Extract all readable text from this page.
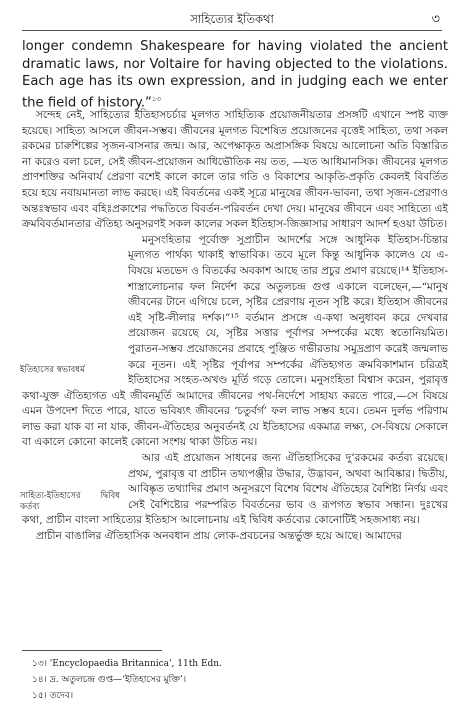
সাহিত্যের ইতিকথা	৩
longer condemn Shakespeare for having violated the ancient dramatic laws, nor Voltaire for having objected to the violations. Each age has its own expression, and in judging each we enter the field of history.”$^{১৩}$

সন্দেহ নেই, সাহিত্যের ইতিহাসচর্চার মূলগত সাহিত্যিক প্রয়োজনীয়তার প্রসঙ্গটি এখানে স্পষ্ট ব্যক্ত হয়েছে। সাহিত্য আসলে জীবন-সম্ভব। জীবনের মূলগত বিশেষিত প্রয়োজনের বৃত্তেই সাহিত্য, তথা সকল রকমের চারুশিল্পের সৃজন-বাসনার জন্ম। আর, অপেক্ষাকৃত অপ্রাসঙ্গিক বিষয়ে আলোচনা অতি বিস্তারিত না করেও বলা চলে, সেই জীবন-প্রয়োজন আধিভৌতিক নয় তত, —যত আধিমানসিক। জীবনের মূলগত প্রাণশক্তির অনিবার্য প্রেরণা বশেই কালে কালে তার গতি ও বিকাশের আকৃতি-প্রকৃতি কেবলই বিবর্তিত হয়ে হয়ে নবায়মানতা লাভ করছে। এই বিবর্তনের একই সূত্রে মানুষের জীবন-ভাবনা, তথা সৃজন-প্রেরণাও অন্তঃস্বভাব এবং বহিঃপ্রকাশের পদ্ধতিতে বিবর্তন-পরিবর্তন দেখা দেয়। মানুষের জীবনে এবং সাহিত্যে এই ক্রমবিবর্তমানতার ঐতিহ্য অনুসরণই সকল কালের সকল ইতিহাস-জিজ্ঞাসার সাধারণ আদর্শ হওয়া উচিত।

ইতিহাসের স্বভাবধর্ম

মনুসংহিতার পূর্বোক্ত সুপ্রাচীন আদর্শের সঙ্গে আধুনিক ইতিহাস-চিন্তার মূল্যগত পার্থক্য থাকাই স্বাভাবিক। তবে মূলে কিন্তু আধুনিক কালেও যে এ-বিষয়ে মতভেদ ও বিতর্কের অবকাশ আছে তার প্রচুর প্রমাণ রয়েছে।¹⁴ ইতিহাস-শাস্ত্রালোচনার ফল নির্দেশ করে অতুলচন্দ্র গুপ্ত একালে বলেছেন,—“মানুষ জীবনের টানে এগিয়ে চলে, সৃষ্টির প্রেরণায় নূতন সৃষ্টি করে। ইতিহাস জীবনের এই সৃষ্টি-লীলার দর্শক।”¹⁵ বর্তমান প্রসঙ্গে এ-কথা অনুধাবন করে দেখবার প্রয়োজন রয়েছে যে, সৃষ্টির সত্তার পূর্বাপর সম্পর্কের মধ্যে স্বতোনিয়মিত। পুরাতন-সম্ভব প্রয়োজনের প্রবাহে পুঞ্জিত গভীরতায় সমুদ্রপ্রাণ করেই জন্মলাভ করে নূতন। এই সৃষ্টির পূর্বাপর সম্পর্কের ঐতিহ্যগত ক্রমবিকাশমান চরিত্রই ইতিহাসের সংহত-অখণ্ড মূর্তি গড়ে তোলে। মনুসংহিতা বিশ্বাস করেন, পুরাবৃত্ত কথা-যুক্ত ঐতিহ্যগত এই জীবনমূর্তি আমাদের জীবনের পথ-নির্দেশে সাহায্য করতে পারে,—সে বিষয়ে এমন উপদেশ দিতে পারে, যাতে ভবিষ্যৎ জীবনের ‘চতুর্বর্গ’ ফল লাভ সম্ভব হবে। তেমন দুর্লভ পরিণাম লাভ করা যাক বা না যাক, জীবন-ঐতিহ্যের অনুবর্তনই যে ইতিহাসের একমাত্র লক্ষ্য, সে-বিষয়ে সেকালে বা একালে কোনো কালেই কোনো সংশয় থাকা উচিত নয়।

সাহিত্য-ইতিহাসের দ্বিবিধ কর্তব্য

আর এই প্রয়োজন সাধনের জন্য ঐতিহাসিকের দু’রকমের কর্তব্য রয়েছে। প্রথম, পুরাবৃত্ত বা প্রাচীন তথ্যপঞ্জীর উদ্ধার, উদ্ভাবন, অথবা আবিষ্কার। দ্বিতীয়, আবিষ্কৃত তথ্যাদির প্রমাণ অনুসরণে বিশেষ বিশেষ ঐতিহ্যের বৈশিষ্ট্য নির্ণয় এবং সেই বৈশিষ্ট্যের পরম্পরিত বিবর্তনের ভাব ও রূপগত স্বভাব সন্ধান। দুঃখের কথা, প্রাচীন বাংলা সাহিত্যের ইতিহাস আলোচনায় এই দ্বিবিধ কর্তব্যের কোনোটিই সহজসাধ্য নয়।

প্রাচীন বাঙালির ঐতিহাসিক অনবধান প্রায় লোক-প্রবচনের অন্তর্ভুক্ত হয়ে আছে। আমাদের

১৩। 'Encyclopaedia Britannica', 11th Edn.
১৪। দ্র. অতুলচন্দ্র গুপ্ত—‘ইতিহাসের মুক্তি’।
১৫। তদেব।
